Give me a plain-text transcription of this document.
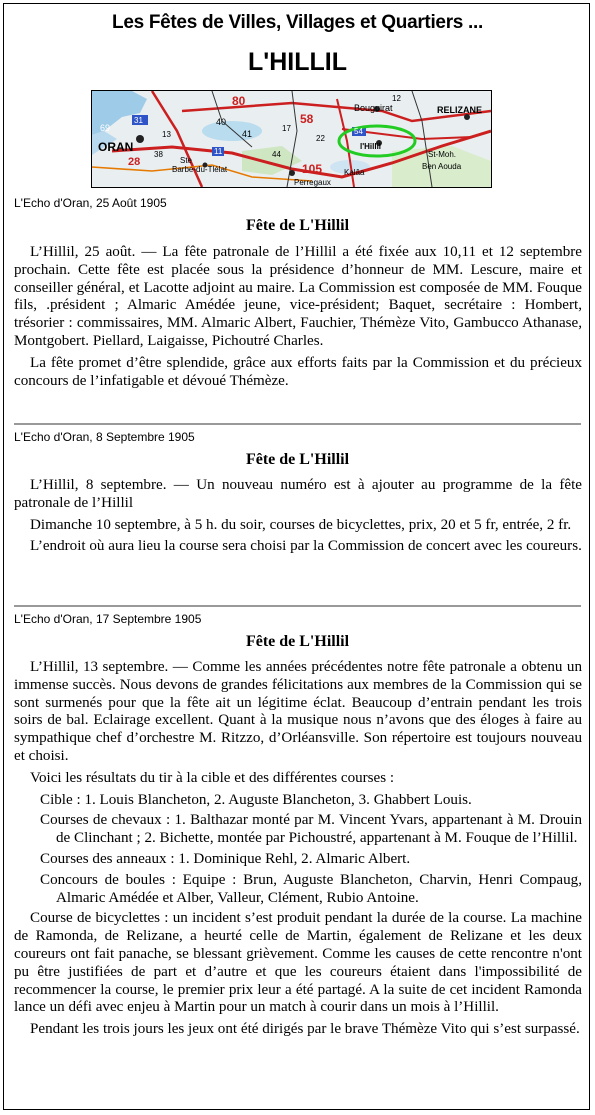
Les Fêtes de Villes, Villages et Quartiers ...
L'HILLIL
ORAN
RELIZANE
Bouguirat
l'Hillil
Kalâa
Perregaux
St-Moh.
Ben Aouda
Ste
Barbe-du-Tlélat
80
58
105
28
69
31	40
41
17
13
12
44
54
38
22
11
L'Echo d'Oran, 25 Août 1905
Fête de L'Hillil

L’Hillil, 25 août. — La fête patronale de l’Hillil a été fixée aux 10,11 et 12 septembre prochain. Cette fête est placée sous la présidence d’honneur de MM. Lescure, maire et conseiller général, et Lacotte adjoint au maire. La Commission est composée de MM. Fouque fils, .président ; Almaric Amédée jeune, vice-président; Baquet, secrétaire : Hombert, trésorier : commissaires, MM. Almaric Albert, Fauchier, Thémèze Vito, Gambucco Athanase, Montgobert. Piellard, Laigaisse, Pichoutré Charles.

La fête promet d’être splendide, grâce aux efforts faits par la Commission et du précieux concours de l’infatigable et dévoué Thémèze.

L'Echo d'Oran, 8 Septembre 1905
Fête de L'Hillil

L’Hillil, 8 septembre. — Un nouveau numéro est à ajouter au programme de la fête patronale de l’Hillil

Dimanche 10 septembre, à 5 h. du soir, courses de bicyclettes, prix, 20 et 5 fr, entrée, 2 fr.

L’endroit où aura lieu la course sera choisi par la Commission de concert avec les coureurs.

L'Echo d'Oran, 17 Septembre 1905
Fête de L'Hillil

L’Hillil, 13 septembre. — Comme les années précédentes notre fête patronale a obtenu un immense succès. Nous devons de grandes félicitations aux membres de la Commission qui se sont surmenés pour que la fête ait un légitime éclat. Beaucoup d’entrain pendant les trois soirs de bal. Eclairage excellent. Quant à la musique nous n’avons que des éloges à faire au sympathique chef d’orchestre M. Ritzzo, d’Orléansville. Son répertoire est toujours nouveau et choisi.

Voici les résultats du tir à la cible et des différentes courses :

Cible : 1. Louis Blancheton, 2. Auguste Blancheton, 3. Ghabbert Louis.

Courses de chevaux : 1. Balthazar monté par M. Vincent Yvars, appartenant à M. Drouin de Clinchant ; 2. Bichette, montée par Pichoustré, appartenant à M. Fouque de l’Hillil.

Courses des anneaux : 1. Dominique Rehl, 2. Almaric Albert.

Concours de boules : Equipe : Brun, Auguste Blancheton, Charvin, Henri Compaug, Almaric Amédée et Alber, Valleur, Clément, Rubio Antoine.

Course de bicyclettes : un incident s’est produit pendant la durée de la course. La machine de Ramonda, de Relizane, a heurté celle de Martin, également de Relizane et les deux coureurs ont fait panache, se blessant grièvement. Comme les causes de cette rencontre n'ont pu être justifiées de part et d’autre et que les coureurs étaient dans l'impossibilité de recommencer la course, le premier prix leur a été partagé. A la suite de cet incident Ramonda lance un défi avec enjeu à Martin pour un match à courir dans un mois à l’Hillil.

Pendant les trois jours les jeux ont été dirigés par le brave Thémèze Vito qui s’est surpassé.
